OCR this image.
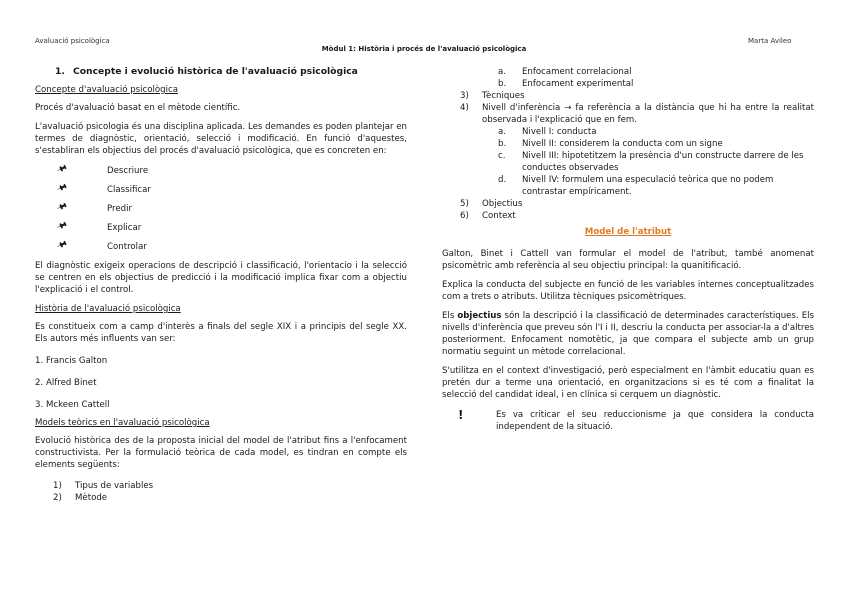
Avaluació psicològica	Marta Avileo
Mòdul 1: Història i procés de l'avaluació psicològica
1. Concepte i evolució històrica de l'avaluació psicològica
Concepte d'avaluació psicològica

Procés d'avaluació basat en el mètode científic.

L'avaluació psicologia és una disciplina aplicada. Les demandes es poden plantejar en termes de diagnòstic, orientació, selecció i modificació. En funció d'aquestes, s'establiran els objectius del procés d'avaluació psicològica, que es concreten en:

🖈︎	Descriure
🖈︎	Classificar
🖈︎	Predir
🖈︎	Explicar
🖈︎	Controlar

El diagnòstic exigeix operacions de descripció i classificació, l'orientacio i la selecció se centren en els objectius de predicció i la modificació implica fixar com a objectiu l'explicació i el control.

Història de l'avaluació psicològica

Es constitueix com a camp d'interès a finals del segle XIX i a principis del segle XX. Els autors més influents van ser:

1. Francis Galton
2. Alfred Binet
3. Mckeen Cattell
Models teòrics en l'avaluació psicològica

Evolució històrica des de la proposta inicial del model de l'atribut fins a l'enfocament constructivista. Per la formulació teòrica de cada model, es tindran en compte els elements següents:

1)	Tipus de variables
2)	Mètode
a.	Enfocament correlacional
b.	Enfocament experimental
3)	Tècniques
4)	Nivell d'inferència → fa referència a la distància que hi ha entre la realitat observada i l'explicació que en fem.
a.	Nivell I: conducta
b.	Nivell II: considerem la conducta com un signe
c.	Nivell III: hipotetitzem la presència d'un constructe darrere de les conductes observades
d.	Nivell IV: formulem una especulació teòrica que no podem contrastar empíricament.
5)	Objectius
6)	Context
Model de l'atribut

Galton, Binet i Cattell van formular el model de l'atribut, també anomenat psicomètric amb referència al seu objectiu principal: la quanitificació.

Explica la conducta del subjecte en funció de les variables internes conceptualitzades com a trets o atributs. Utilitza tècniques psicomètriques.

Els objectius són la descripció i la classificació de determinades característiques. Els nivells d'inferència que preveu són l'I i II, descriu la conducta per associar-la a d'altres posteriorment. Enfocament nomotètic, ja que compara el subjecte amb un grup normatiu seguint un mètode correlacional.

S'utilitza en el context d'investigació, però especialment en l'àmbit educatiu quan es pretén dur a terme una orientació, en organitzacions si es té com a finalitat la selecció del candidat ideal, i en clínica si cerquem un diagnòstic.

!	Es va criticar el seu reduccionisme ja que considera la conducta independent de la situació.
